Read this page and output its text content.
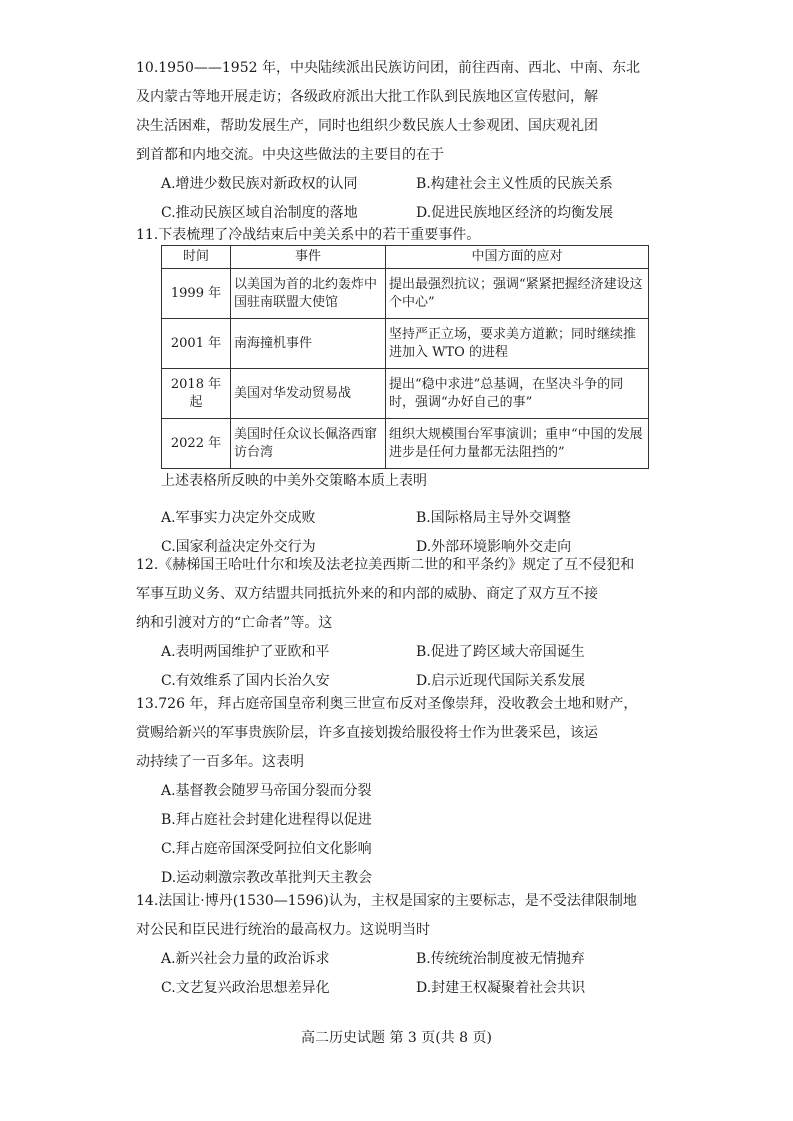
10.1950——1952 年，中央陆续派出民族访问团，前往西南、西北、中南、东北
及内蒙古等地开展走访；各级政府派出大批工作队到民族地区宣传慰问，解
决生活困难，帮助发展生产，同时也组织少数民族人士参观团、国庆观礼团
到首都和内地交流。中央这些做法的主要目的在于
A.增进少数民族对新政权的认同	B.构建社会主义性质的民族关系
C.推动民族区域自治制度的落地	D.促进民族地区经济的均衡发展
11.下表梳理了冷战结束后中美关系中的若干重要事件。
时间	事件	中国方面的应对
1999 年	以美国为首的北约轰炸中国驻南联盟大使馆	提出最强烈抗议；强调“紧紧把握经济建设这个中心”
2001 年	南海撞机事件	坚持严正立场，要求美方道歉；同时继续推进加入 WTO 的进程
2018 年起	美国对华发动贸易战	提出“稳中求进”总基调，在坚决斗争的同时，强调“办好自己的事”
2022 年	美国时任众议长佩洛西窜访台湾	组织大规模围台军事演训；重申“中国的发展进步是任何力量都无法阻挡的”
上述表格所反映的中美外交策略本质上表明
A.军事实力决定外交成败	B.国际格局主导外交调整
C.国家利益决定外交行为	D.外部环境影响外交走向
12.《赫梯国王哈吐什尔和埃及法老拉美西斯二世的和平条约》规定了互不侵犯和
军事互助义务、双方结盟共同抵抗外来的和内部的威胁、商定了双方互不接
纳和引渡对方的“亡命者”等。这
A.表明两国维护了亚欧和平	B.促进了跨区域大帝国诞生
C.有效维系了国内长治久安	D.启示近现代国际关系发展
13.726 年，拜占庭帝国皇帝利奥三世宣布反对圣像崇拜，没收教会土地和财产，
赏赐给新兴的军事贵族阶层，许多直接划拨给服役将士作为世袭采邑，该运
动持续了一百多年。这表明
A.基督教会随罗马帝国分裂而分裂
B.拜占庭社会封建化进程得以促进
C.拜占庭帝国深受阿拉伯文化影响
D.运动刺激宗教改革批判天主教会
14.法国让·博丹(1530—1596)认为，主权是国家的主要标志，是不受法律限制地
对公民和臣民进行统治的最高权力。这说明当时
A.新兴社会力量的政治诉求	B.传统统治制度被无情抛弃
C.文艺复兴政治思想差异化	D.封建王权凝聚着社会共识
高二历史试题 第 3 页(共 8 页)
